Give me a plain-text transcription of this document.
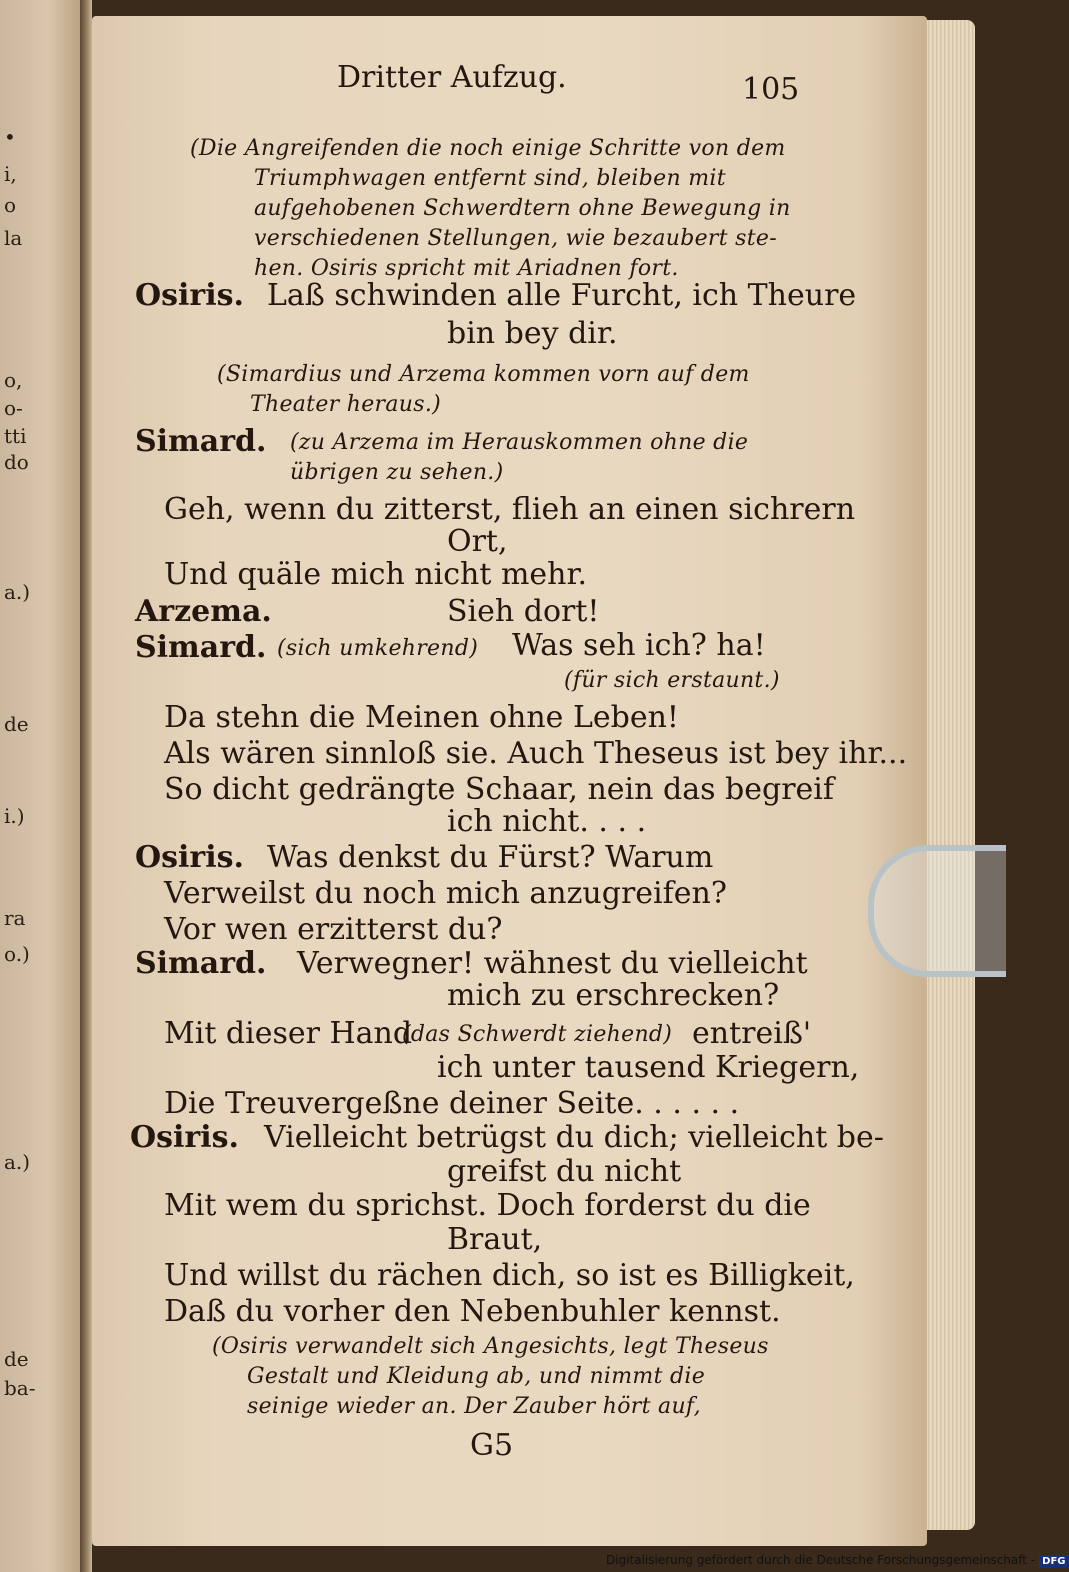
•
i,
o
la
o,
o-
tti
do
a.)
de
i.)
ra
o.)
a.)
de
ba-
Dritter Aufzug.	105
(Die Angreifenden die noch einige Schritte von dem
Triumphwagen entfernt sind, bleiben mit
aufgehobenen Schwerdtern ohne Bewegung in
verschiedenen Stellungen, wie bezaubert ste-
hen. Osiris spricht mit Ariadnen fort.
Osiris. Laß schwinden alle Furcht, ich Theure
bin bey dir.
(Simardius und Arzema kommen vorn auf dem
Theater heraus.)
Simard. (zu Arzema im Herauskommen ohne die
übrigen zu sehen.)
Geh, wenn du zitterst, flieh an einen sichrern
Ort,
Und quäle mich nicht mehr.
Arzema.	Sieh dort!
Simard. (sich umkehrend) Was seh ich? ha!
(für sich erstaunt.)
Da stehn die Meinen ohne Leben!
Als wären sinnloß sie. Auch Theseus ist bey ihr...
So dicht gedrängte Schaar, nein das begreif
ich nicht. . . .
Osiris. Was denkst du Fürst? Warum
Verweilst du noch mich anzugreifen?
Vor wen erzitterst du?
Simard. Verwegner! wähnest du vielleicht
mich zu erschrecken?
Mit dieser Hand
(das Schwerdt ziehend) entreiß'
ich unter tausend Kriegern,
Die Treuvergeßne deiner Seite. . . . . .
Osiris. Vielleicht betrügst du dich; vielleicht be-
greifst du nicht
Mit wem du sprichst. Doch forderst du die
Braut,
Und willst du rächen dich, so ist es Billigkeit,
Daß du vorher den Nebenbuhler kennst.
(Osiris verwandelt sich Angesichts, legt Theseus
Gestalt und Kleidung ab, und nimmt die
seinige wieder an. Der Zauber hört auf,
G5
Digitalisierung gefördert durch die Deutsche Forschungsgemeinschaft - DFG
